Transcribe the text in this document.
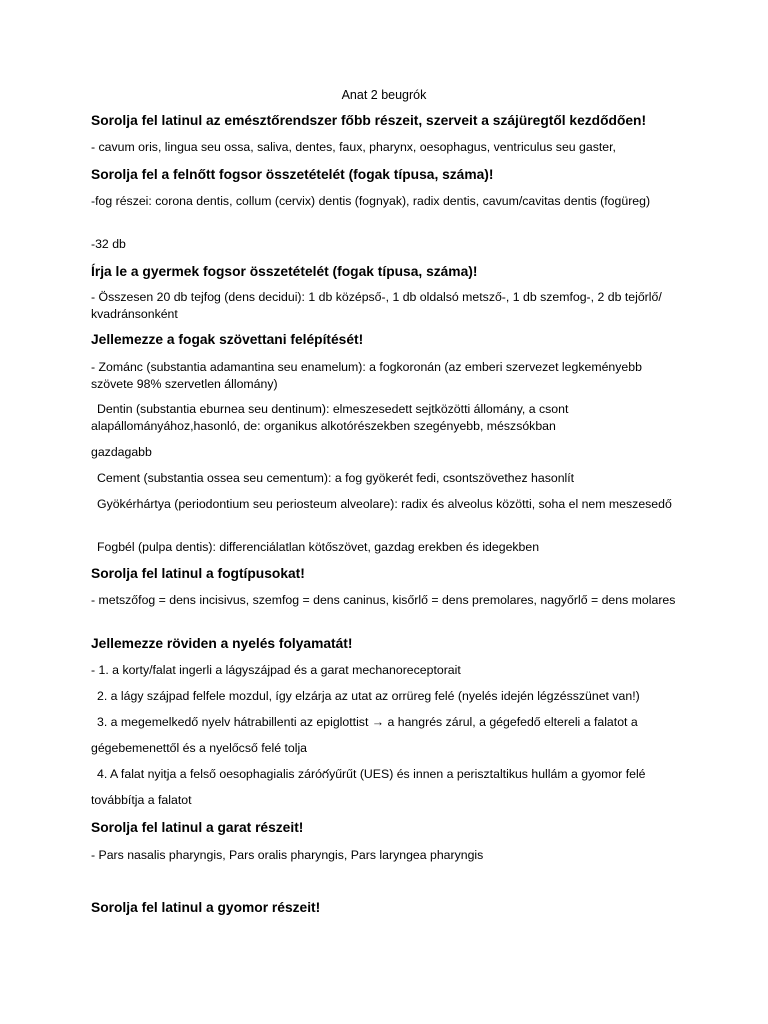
Anat 2 beugrók
Sorolja fel latinul az emésztőrendszer főbb részeit, szerveit a szájüregtől kezdődően!
- cavum oris, lingua seu ossa, saliva, dentes, faux, pharynx, oesophagus, ventriculus seu gaster,
Sorolja fel a felnőtt fogsor összetételét (fogak típusa, száma)!
-fog részei: corona dentis, collum (cervix) dentis (fognyak), radix dentis, cavum/cavitas dentis (fogüreg)
-32 db
Írja le a gyermek fogsor összetételét (fogak típusa, száma)!
- Összesen 20 db tejfog (dens decidui): 1 db középső-, 1 db oldalsó metsző-, 1 db szemfog-, 2 db tejőrlő/ kvadránsonként
Jellemezze a fogak szövettani felépítését!
- Zománc (substantia adamantina seu enamelum): a fogkoronán (az emberi szervezet legkeményebb szövete 98% szervetlen állomány)
Dentin (substantia eburnea seu dentinum): elmeszesedett sejtközötti állomány, a csont alapállományához,hasonló, de: organikus alkotórészekben szegényebb, mészsókban
gazdagabb
Cement (substantia ossea seu cementum): a fog gyökerét fedi, csontszövethez hasonlít
Gyökérhártya (periodontium seu periosteum alveolare): radix és alveolus közötti, soha el nem meszesedő
Fogbél (pulpa dentis): differenciálatlan kötőszövet, gazdag erekben és idegekben
Sorolja fel latinul a fogtípusokat!
- metszőfog = dens incisivus, szemfog = dens caninus, kisőrlő = dens premolares, nagyőrlő = dens molares
Jellemezze röviden a nyelés folyamatát!
- 1. a korty/falat ingerli a lágyszájpad és a garat mechanoreceptorait
2. a lágy szájpad felfele mozdul, így elzárja az utat az orrüreg felé (nyelés idején légzésszünet van!)
3. a megemelkedő nyelv hátrabillenti az epiglottist → a hangrés zárul, a gégefedő eltereli a falatot a
gégebemenettől és a nyelőcső felé tolja
4. A falat nyitja a felső oesophagialis záróగyűrűt (UES) és innen a perisztaltikus hullám a gyomor felé
továbbítja a falatot
Sorolja fel latinul a garat részeit!
- Pars nasalis pharyngis, Pars oralis pharyngis, Pars laryngea pharyngis
Sorolja fel latinul a gyomor részeit!
